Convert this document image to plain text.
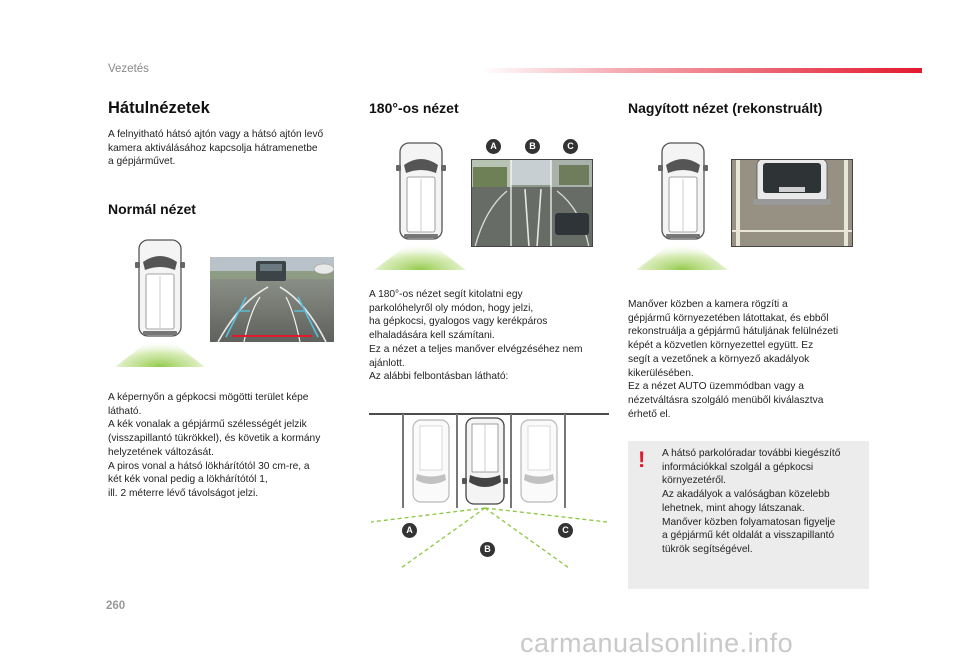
Vezetés
Hátulnézetek

A felnyitható hátsó ajtón vagy a hátsó ajtón levő

kamera aktiválásához kapcsolja hátramenetbe

a gépjárművet.

Normál nézet

A képernyőn a gépkocsi mögötti terület képe

látható.

A kék vonalak a gépjármű szélességét jelzik

(visszapillantó tükrökkel), és követik a kormány

helyzetének változását.

A piros vonal a hátsó lökhárítótól 30 cm-re, a

két kék vonal pedig a lökhárítótól 1,

ill. 2 méterre lévő távolságot jelzi.

180°-os nézet
A	B	C

A 180°-os nézet segít kitolatni egy

parkolóhelyről oly módon, hogy jelzi,

ha gépkocsi, gyalogos vagy kerékpáros

elhaladására kell számítani.

Ez a nézet a teljes manőver elvégzéséhez nem

ajánlott.

Az alábbi felbontásban látható:

A	C
B
Nagyított nézet (rekonstruált)

Manőver közben a kamera rögzíti a

gépjármű környezetében látottakat, és ebből

rekonstruálja a gépjármű hátuljának felülnézeti

képét a közvetlen környezettel együtt. Ez

segít a vezetőnek a környező akadályok

kikerülésében.

Ez a nézet AUTO üzemmódban vagy a

nézetváltásra szolgáló menüből kiválasztva

érhető el.

! A hátsó parkolóradar további kiegészítő

információkkal szolgál a gépkocsi

környezetéről.

Az akadályok a valóságban közelebb

lehetnek, mint ahogy látszanak.

Manőver közben folyamatosan figyelje

a gépjármű két oldalát a visszapillantó

tükrök segítségével.

260
carmanualsonline.info
